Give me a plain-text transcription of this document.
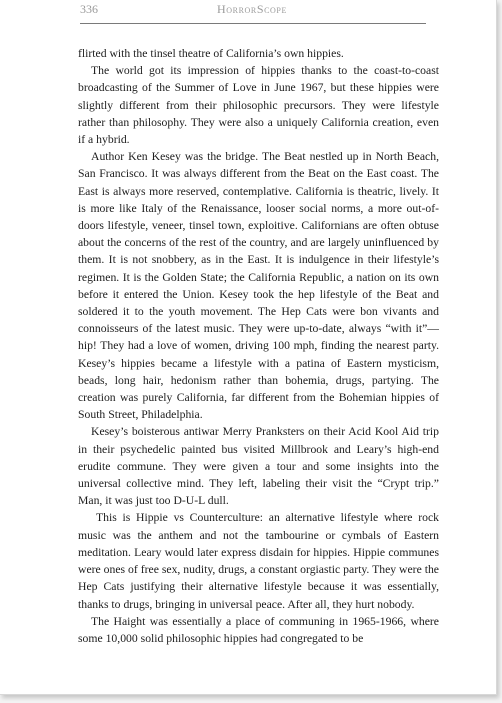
336	HorrorScope

flirted with the tinsel theatre of California’s own hippies.

The world got its impression of hippies thanks to the coast-to-coast broadcasting of the Summer of Love in June 1967, but these hippies were slightly different from their philosophic precursors. They were lifestyle rather than philosophy. They were also a uniquely California creation, even if a hybrid.

Author Ken Kesey was the bridge. The Beat nestled up in North Beach, San Francisco. It was always different from the Beat on the East coast. The East is always more reserved, contemplative. California is theatric, lively. It is more like Italy of the Renaissance, looser social norms, a more out-of-doors lifestyle, veneer, tinsel town, exploitive. Californians are often obtuse about the concerns of the rest of the country, and are largely uninfluenced by them. It is not snobbery, as in the East. It is indulgence in their lifestyle’s regimen. It is the Golden State; the California Republic, a nation on its own before it entered the Union. Kesey took the hep lifestyle of the Beat and soldered it to the youth movement. The Hep Cats were bon vivants and connoisseurs of the latest music. They were up-to-date, always “with it”— hip! They had a love of women, driving 100 mph, finding the nearest party. Kesey’s hippies became a lifestyle with a patina of Eastern mysticism, beads, long hair, hedonism rather than bohemia, drugs, partying. The creation was purely California, far different from the Bohemian hippies of South Street, Philadelphia.

Kesey’s boisterous antiwar Merry Pranksters on their Acid Kool Aid trip in their psychedelic painted bus visited Millbrook and Leary’s high-end erudite commune. They were given a tour and some insights into the universal collective mind. They left, labeling their visit the “Crypt trip.” Man, it was just too D-U-L dull.

This is Hippie vs Counterculture: an alternative lifestyle where rock music was the anthem and not the tambourine or cymbals of Eastern meditation. Leary would later express disdain for hippies. Hippie communes were ones of free sex, nudity, drugs, a constant orgiastic party. They were the Hep Cats justifying their alternative lifestyle because it was essentially, thanks to drugs, bringing in universal peace. After all, they hurt nobody.

The Haight was essentially a place of communing in 1965-1966, where some 10,000 solid philosophic hippies had congregated to be
